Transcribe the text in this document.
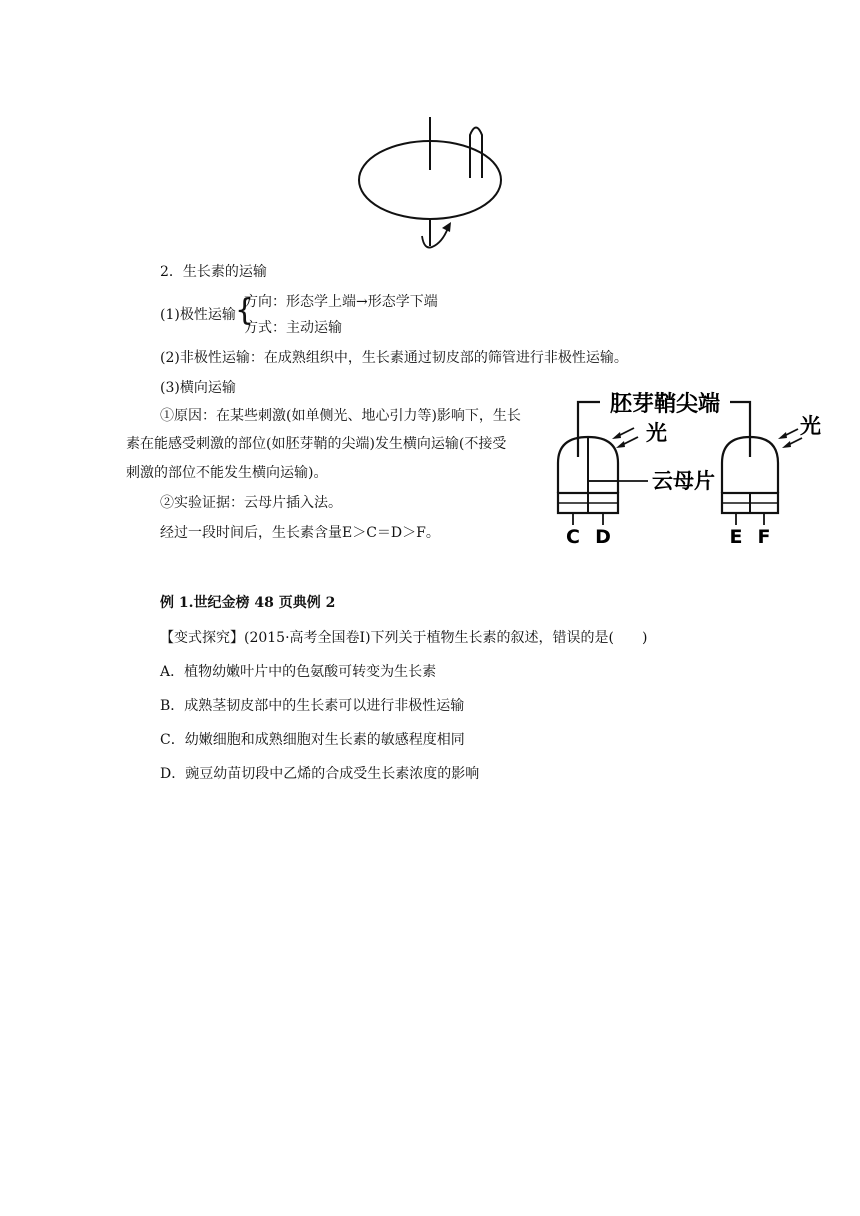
2．生长素的运输
(1)极性运输 {
方向：形态学上端→形态学下端
方式：主动运输
(2)非极性运输：在成熟组织中，生长素通过韧皮部的筛管进行非极性运输。
(3)横向运输
①原因：在某些刺激(如单侧光、地心引力等)影响下，生长
素在能感受刺激的部位(如胚芽鞘的尖端)发生横向运输(不接受
刺激的部位不能发生横向运输)。
②实验证据：云母片插入法。
经过一段时间后，生长素含量E＞C＝D＞F。
胚芽鞘尖端
云母片
光
C D
光
E F
例 1.世纪金榜 48 页典例 2
【变式探究】(2015·高考全国卷Ⅰ)下列关于植物生长素的叙述，错误的是(　　)
A．植物幼嫩叶片中的色氨酸可转变为生长素
B．成熟茎韧皮部中的生长素可以进行非极性运输
C．幼嫩细胞和成熟细胞对生长素的敏感程度相同
D．豌豆幼苗切段中乙烯的合成受生长素浓度的影响
